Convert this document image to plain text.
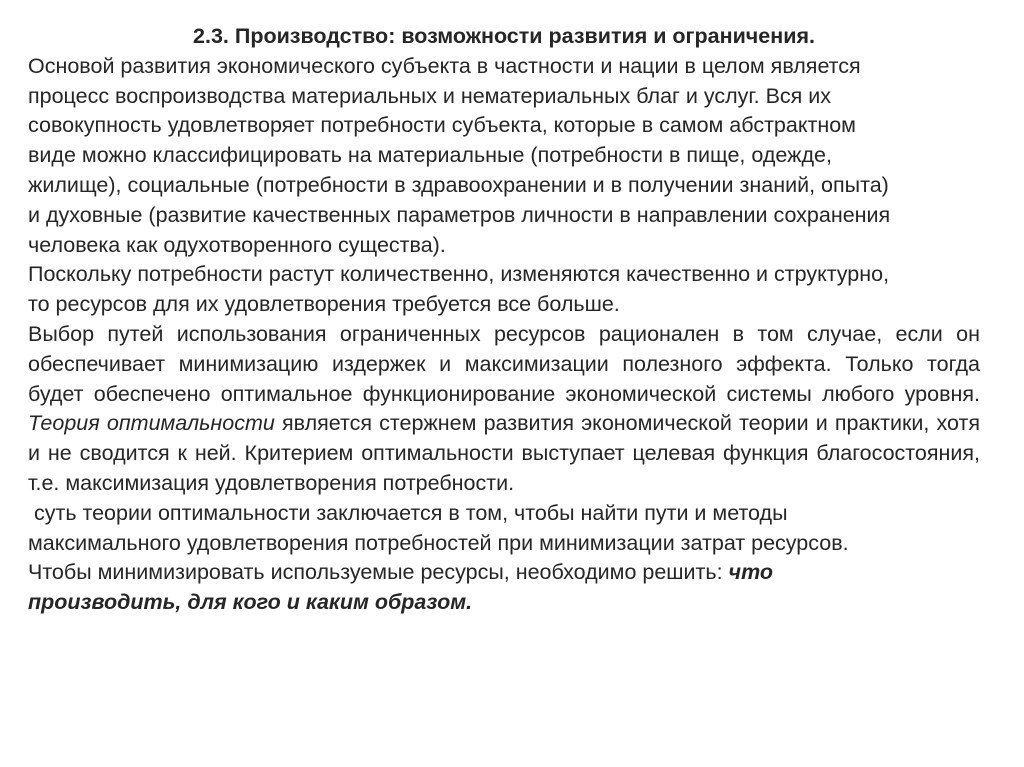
2.3. Производство: возможности развития и ограничения.

Основой развития экономического субъекта в частности и нации в целом является
процесс воспроизводства материальных и нематериальных благ и услуг. Вся их
совокупность удовлетворяет потребности субъекта, которые в самом абстрактном
виде можно классифицировать на материальные (потребности в пище, одежде,
жилище), социальные (потребности в здравоохранении и в получении знаний, опыта)
и духовные (развитие качественных параметров личности в направлении сохранения
человека как одухотворенного существа).

Поскольку потребности растут количественно, изменяются качественно и структурно,
то ресурсов для их удовлетворения требуется все больше.

Выбор путей использования ограниченных ресурсов рационален в том случае, если он обеспечивает минимизацию издержек и максимизации полезного эффекта. Только тогда будет обеспечено оптимальное функционирование экономической системы любого уровня. Теория оптимальности является стержнем развития экономической теории и практики, хотя и не сводится к ней. Критерием оптимальности выступает целевая функция благосостояния, т.е. максимизация удовлетворения потребности.

суть теории оптимальности заключается в том, чтобы найти пути и методы
максимального удовлетворения потребностей при минимизации затрат ресурсов.

Чтобы минимизировать используемые ресурсы, необходимо решить: что
производить, для кого и каким образом.
